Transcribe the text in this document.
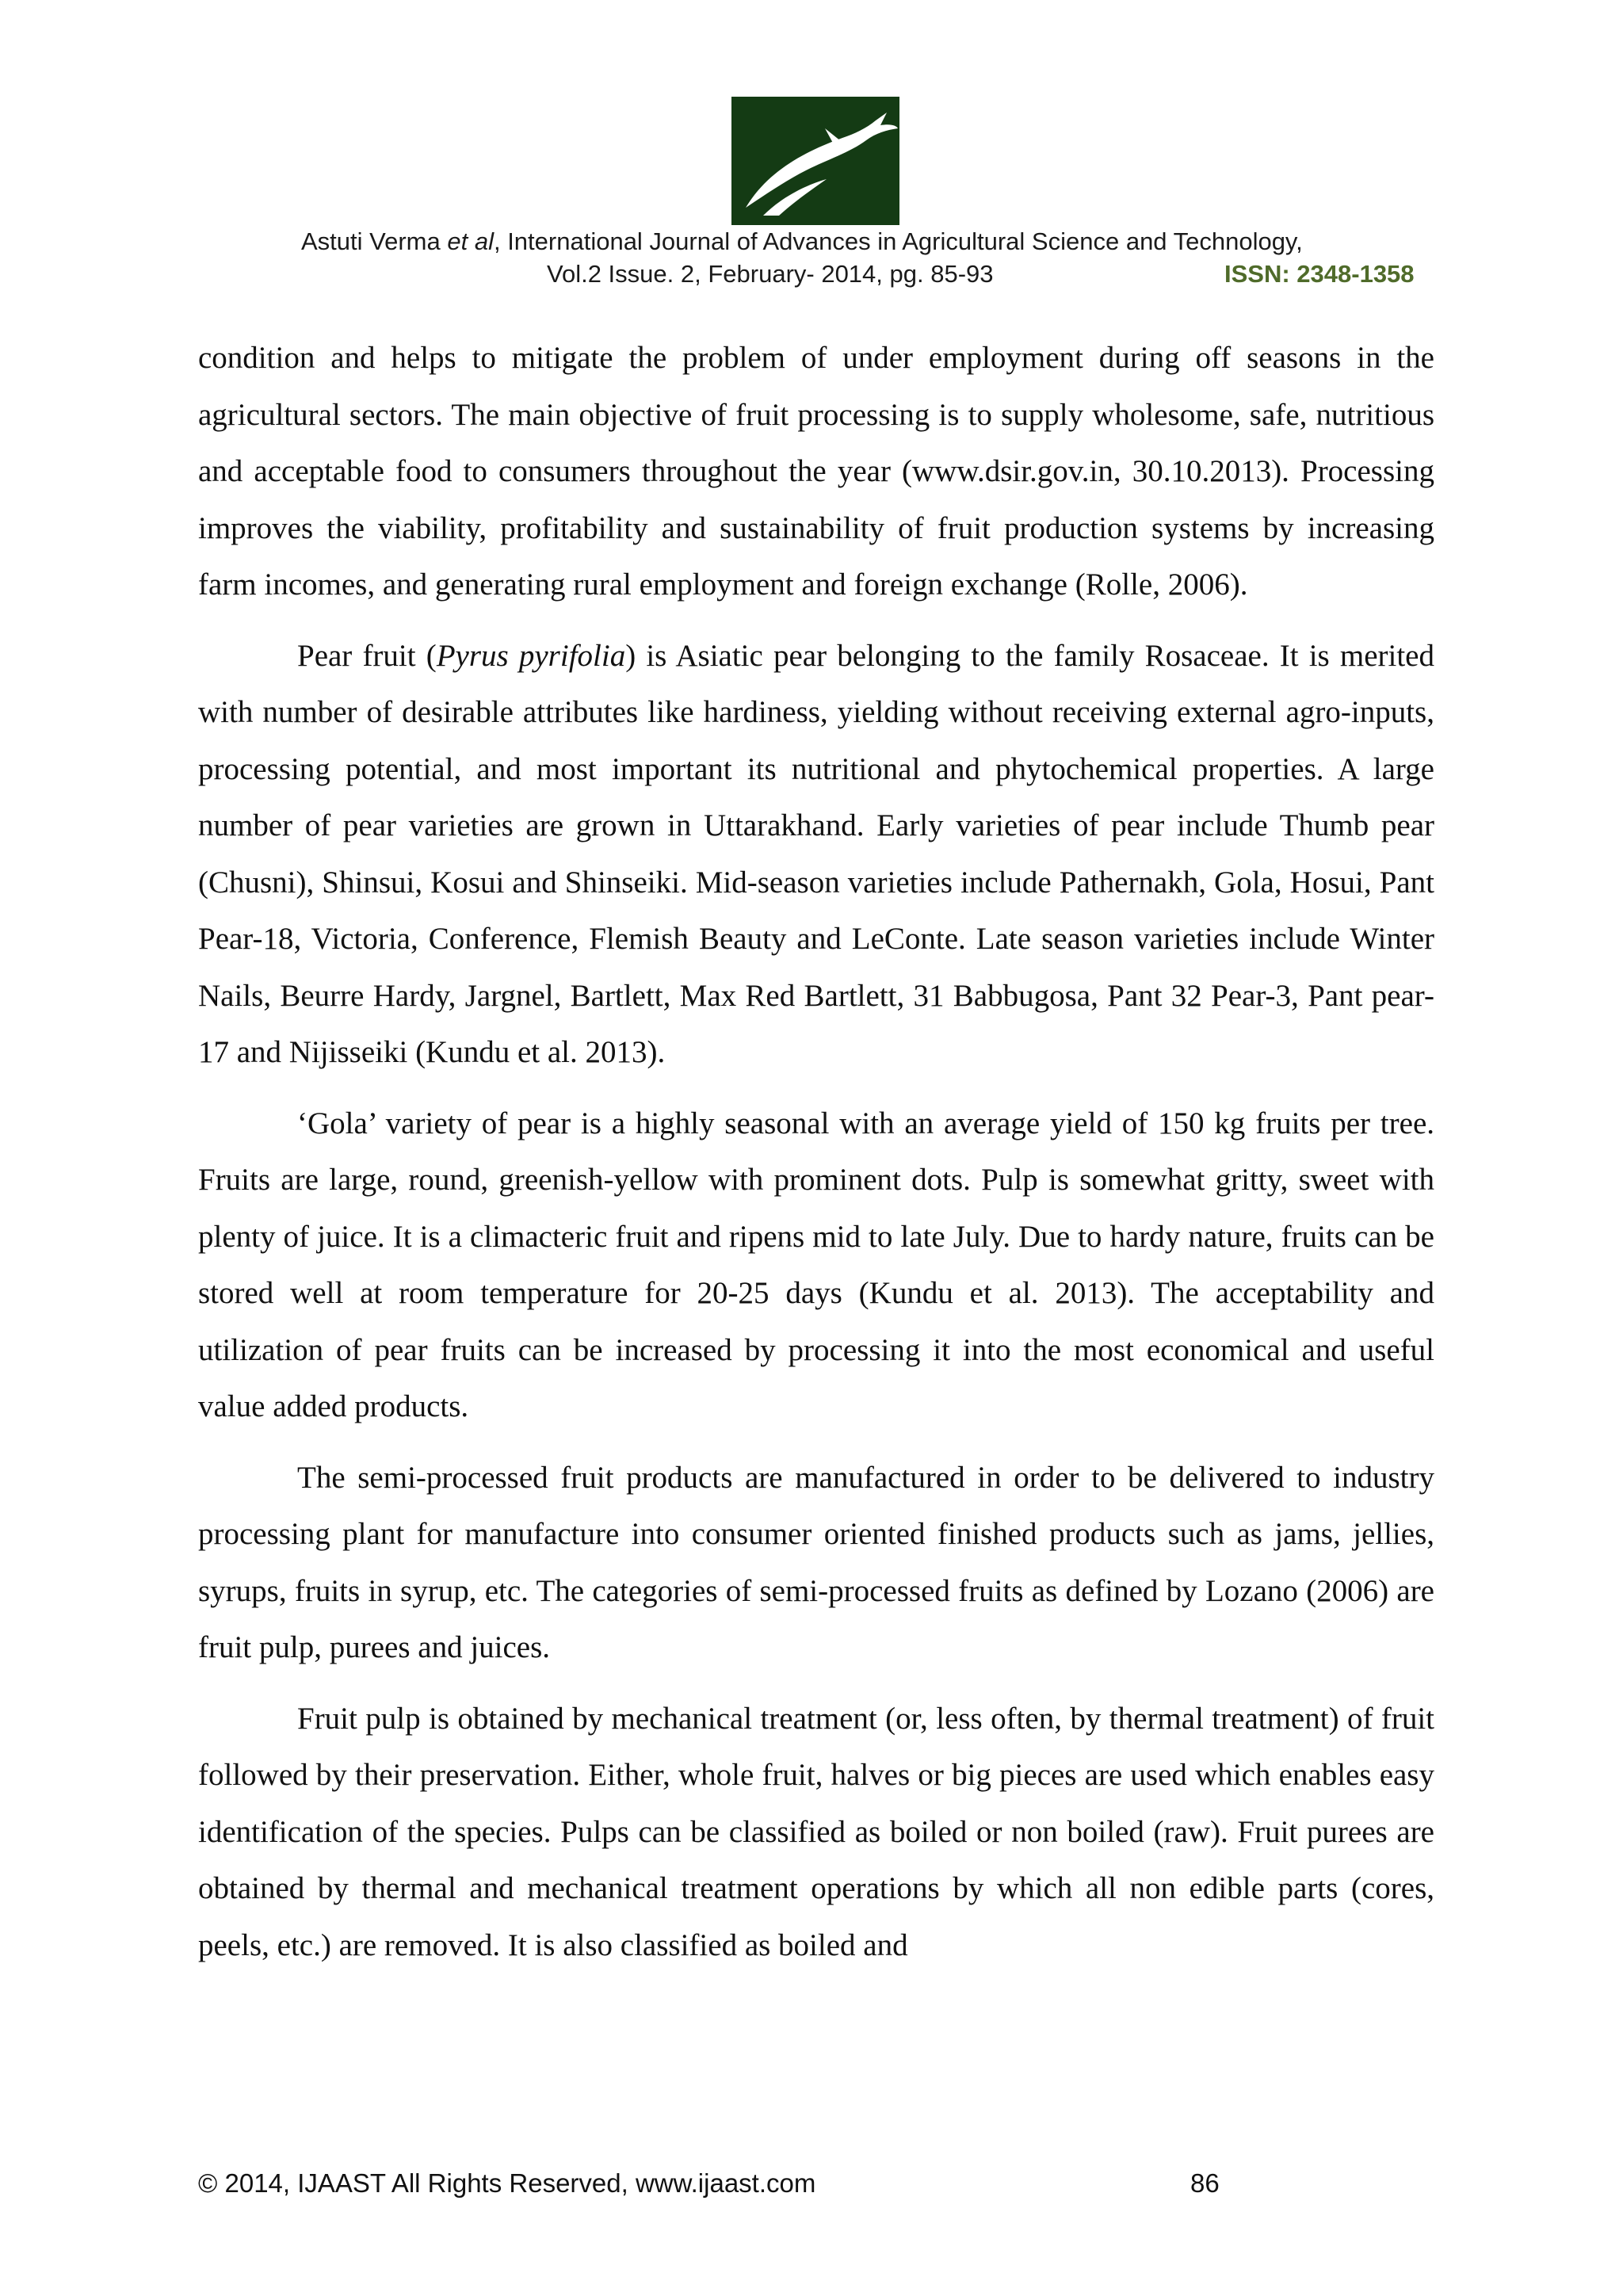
Astuti Verma et al, International Journal of Advances in Agricultural Science and Technology,
Vol.2 Issue. 2, February- 2014, pg. 85-93	ISSN: 2348-1358

condition and helps to mitigate the problem of under employment during off seasons in the agricultural sectors. The main objective of fruit processing is to supply wholesome, safe, nutritious and acceptable food to consumers throughout the year (www.dsir.gov.in, 30.10.2013). Processing improves the viability, profitability and sustainability of fruit production systems by increasing farm incomes, and generating rural employment and foreign exchange (Rolle, 2006).

Pear fruit (Pyrus pyrifolia) is Asiatic pear belonging to the family Rosaceae. It is merited with number of desirable attributes like hardiness, yielding without receiving external agro-inputs, processing potential, and most important its nutritional and phytochemical properties. A large number of pear varieties are grown in Uttarakhand. Early varieties of pear include Thumb pear (Chusni), Shinsui, Kosui and Shinseiki. Mid-season varieties include Pathernakh, Gola, Hosui, Pant Pear-18, Victoria, Conference, Flemish Beauty and LeConte. Late season varieties include Winter Nails, Beurre Hardy, Jargnel, Bartlett, Max Red Bartlett, 31 Babbugosa, Pant 32 Pear-3, Pant pear-17 and Nijisseiki (Kundu et al. 2013).

‘Gola’ variety of pear is a highly seasonal with an average yield of 150 kg fruits per tree. Fruits are large, round, greenish-yellow with prominent dots. Pulp is somewhat gritty, sweet with plenty of juice. It is a climacteric fruit and ripens mid to late July. Due to hardy nature, fruits can be stored well at room temperature for 20-25 days (Kundu et al. 2013). The acceptability and utilization of pear fruits can be increased by processing it into the most economical and useful value added products.

The semi-processed fruit products are manufactured in order to be delivered to industry processing plant for manufacture into consumer oriented finished products such as jams, jellies, syrups, fruits in syrup, etc. The categories of semi-processed fruits as defined by Lozano (2006) are fruit pulp, purees and juices.

Fruit pulp is obtained by mechanical treatment (or, less often, by thermal treatment) of fruit followed by their preservation. Either, whole fruit, halves or big pieces are used which enables easy identification of the species. Pulps can be classified as boiled or non boiled (raw). Fruit purees are obtained by thermal and mechanical treatment operations by which all non edible parts (cores, peels, etc.) are removed. It is also classified as boiled and

© 2014, IJAAST All Rights Reserved, www.ijaast.com	86
